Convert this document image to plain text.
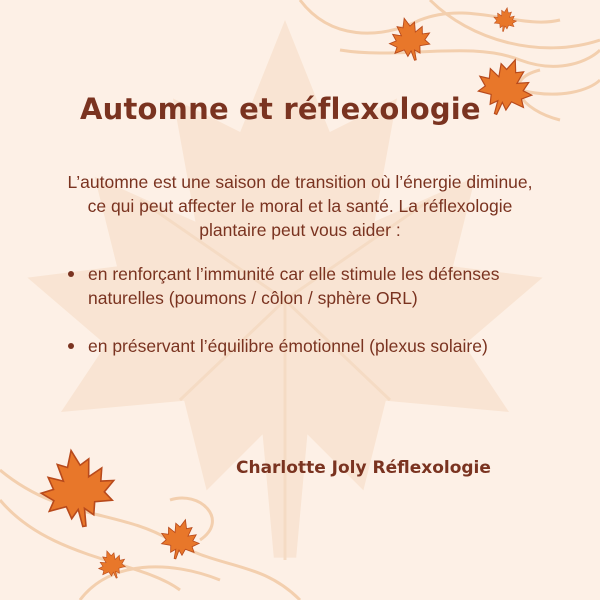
Automne et réflexologie
L’automne est une saison de transition où l’énergie diminue, ce qui peut affecter le moral et la santé. La réflexologie plantaire peut vous aider :
en renforçant l’immunité car elle stimule les défenses naturelles (poumons / côlon / sphère ORL)
en préservant l’équilibre émotionnel (plexus solaire)
Charlotte Joly Réflexologie
